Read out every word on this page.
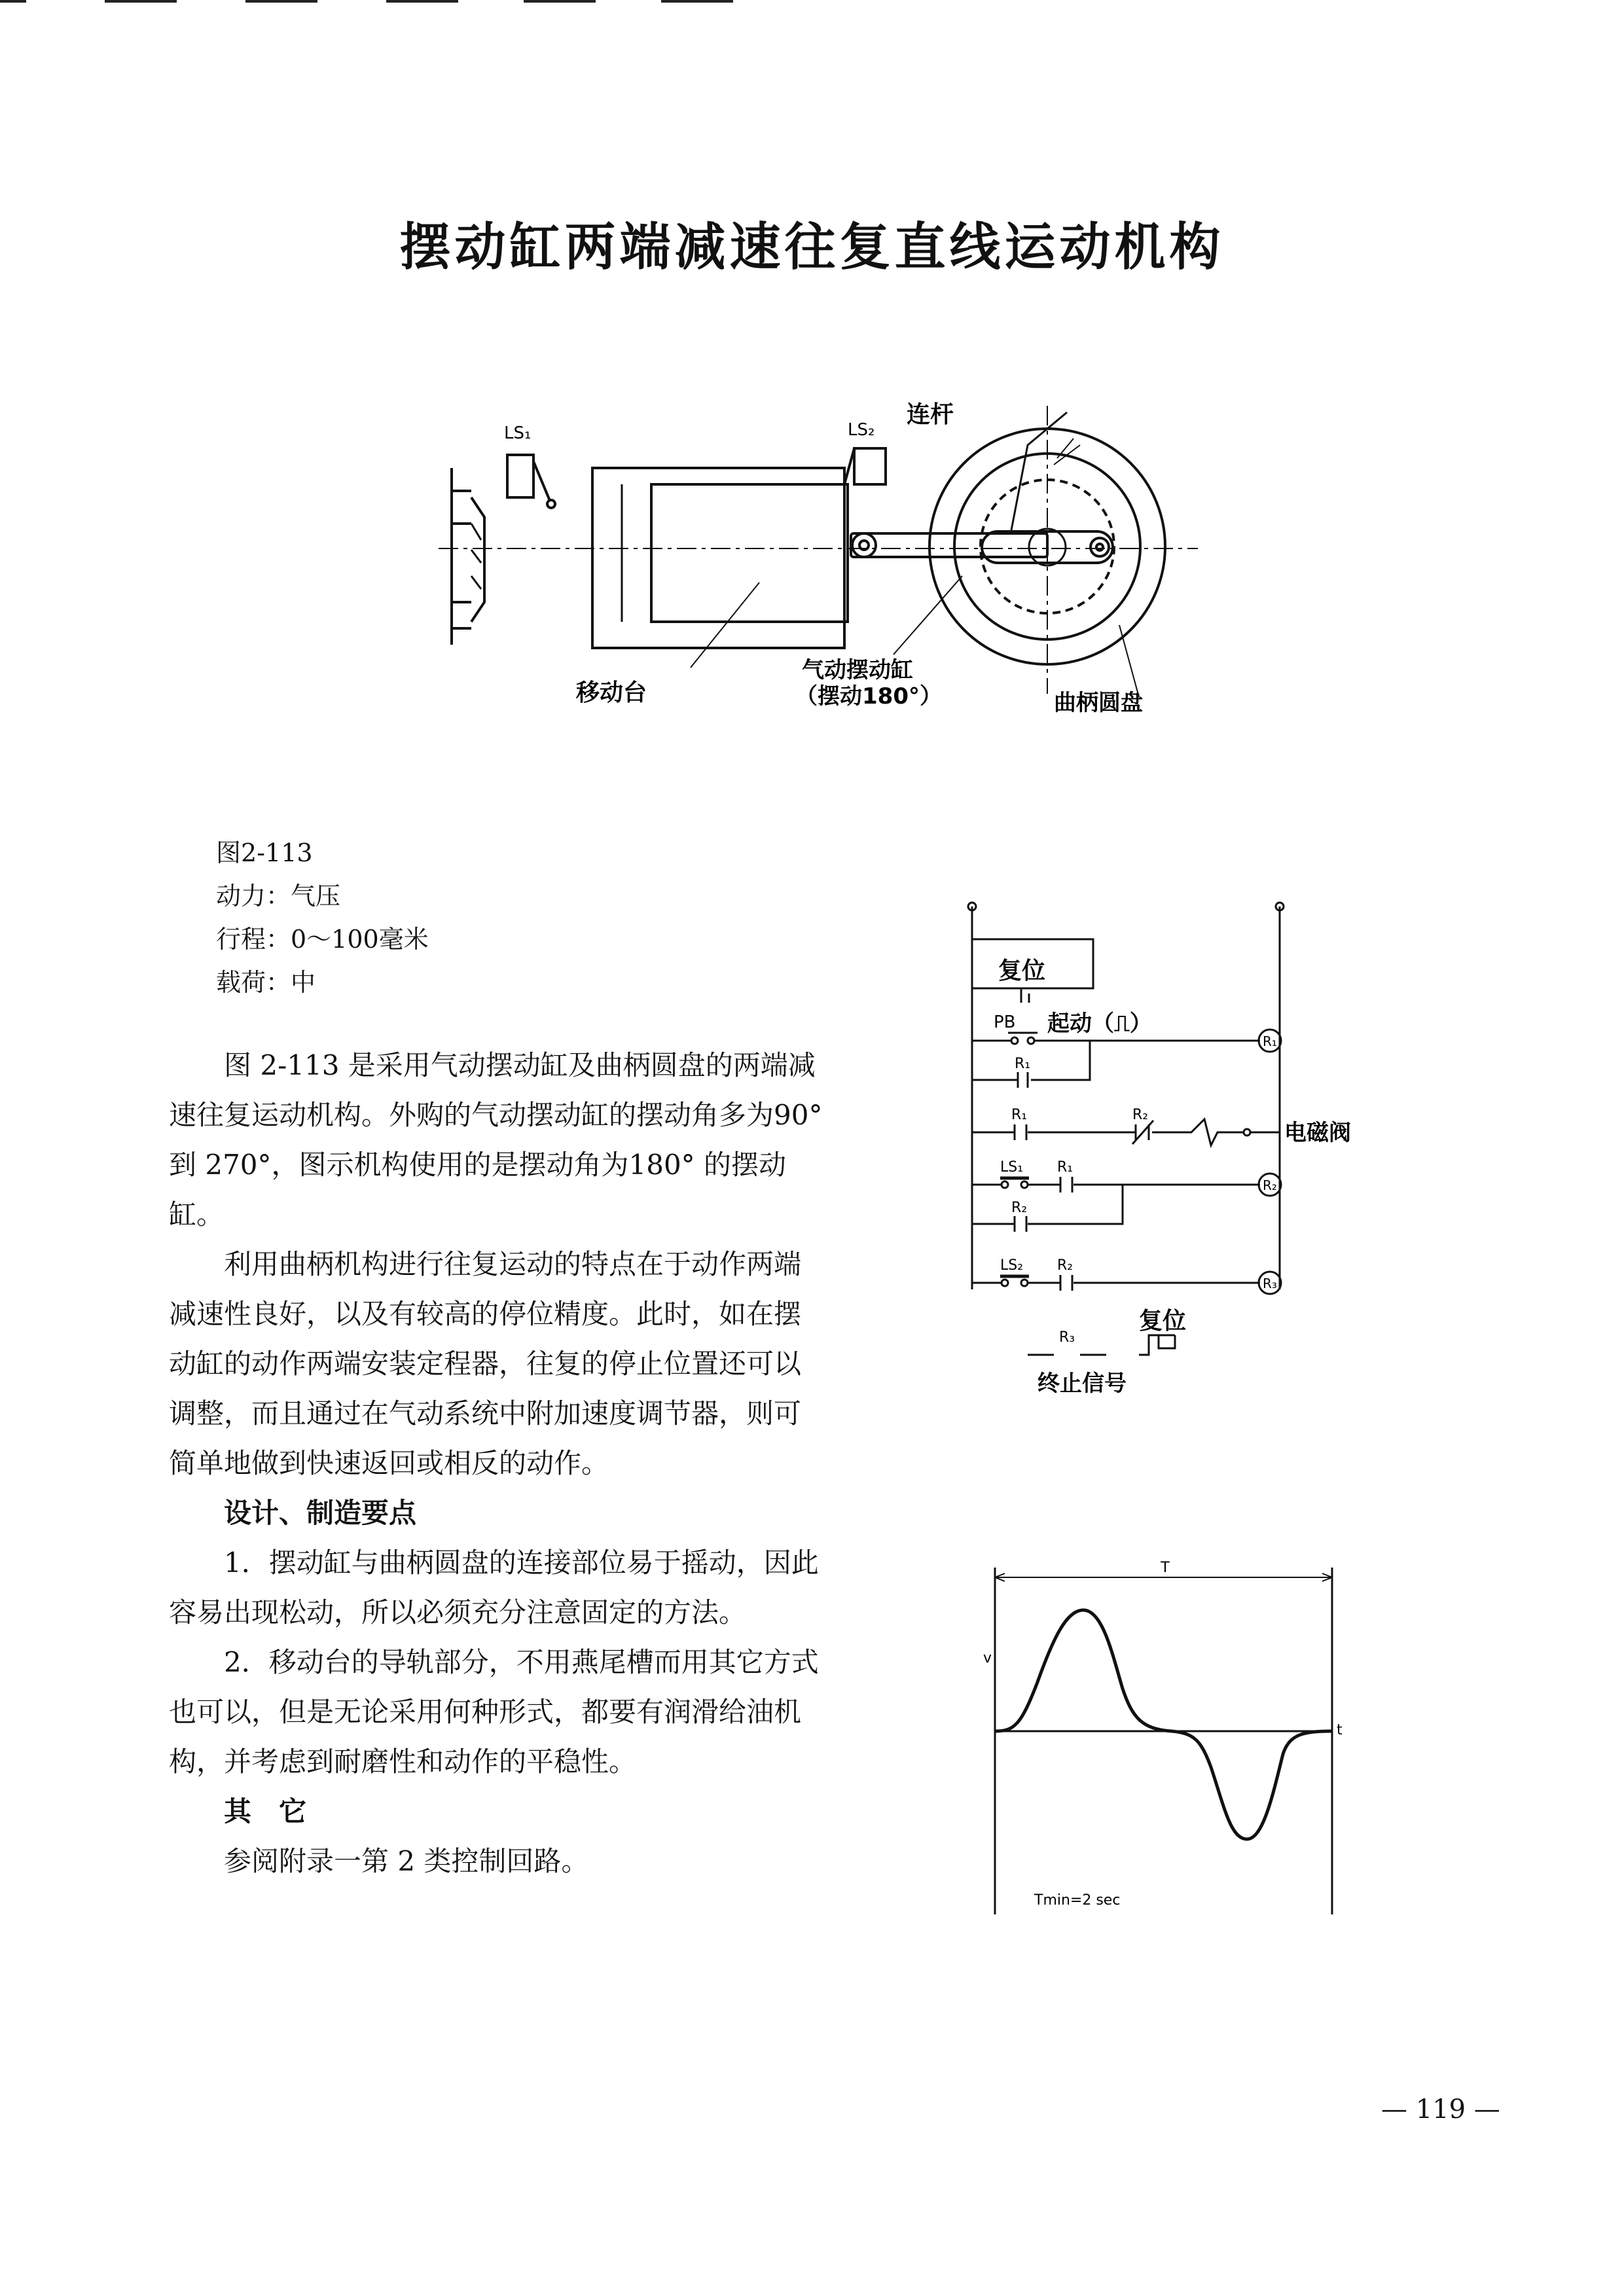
摆动缸两端减速往复直线运动机构
LS₁	LS₂
连杆
移动台
气动摆动缸
（摆动180°）	曲柄圆盘
图2-113
动力：气压
行程：0～100毫米
载荷：中

图 2-113 是采用气动摆动缸及曲柄圆盘的两端减速往复运动机构。外购的气动摆动缸的摆动角多为90° 到 270°，图示机构使用的是摆动角为180° 的摆动缸。

利用曲柄机构进行往复运动的特点在于动作两端减速性良好，以及有较高的停位精度。此时，如在摆动缸的动作两端安装定程器，往复的停止位置还可以调整，而且通过在气动系统中附加速度调节器，则可简单地做到快速返回或相反的动作。

设计、制造要点

1．摆动缸与曲柄圆盘的连接部位易于摇动，因此容易出现松动，所以必须充分注意固定的方法。

2．移动台的导轨部分，不用燕尾槽而用其它方式也可以，但是无论采用何种形式，都要有润滑给油机构，并考虑到耐磨性和动作的平稳性。

其　它

参阅附录一第 2 类控制回路。

复位
PB 起动（⎍）
R₁
R₁	R₂
R₁
电磁阀
LS₁ R₁
R₂
R₂
LS₂ R₂
R₃
R₃
终止信号
复位
T
v
t
Tmin=2 sec
— 119 —
